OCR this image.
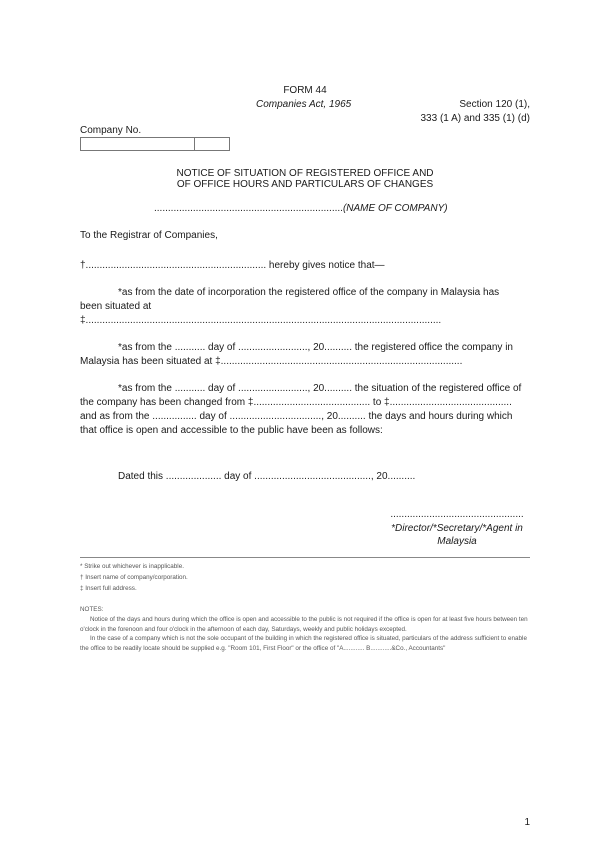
FORM 44
Companies Act, 1965	Section 120 (1),
333 (1 A) and 335 (1) (d)
Company No.
NOTICE OF SITUATION OF REGISTERED OFFICE AND
OF OFFICE HOURS AND PARTICULARS OF CHANGES
....................................................................(NAME OF COMPANY)
To the Registrar of Companies,
†................................................................. hereby gives notice that—
*as from the date of incorporation the registered office of the company in Malaysia has
been situated at
‡................................................................................................................................
*as from the ........... day of ........................., 20.......... the registered office the company in
Malaysia has been situated at ‡.......................................................................................
*as from the ........... day of ........................., 20.......... the situation of the registered office of
the company has been changed from ‡.......................................... to ‡............................................
and as from the ................ day of ................................., 20.......... the days and hours during which
that office is open and accessible to the public have been as follows:
Dated this .................... day of .........................................., 20..........
................................................
*Director/*Secretary/*Agent in
Malaysia
* Strike out whichever is inapplicable.
† Insert name of company/corporation.
‡ Insert full address.
NOTES:
Notice of the days and hours during which the office is open and accessible to the public is not required if the office is open for at least five hours between ten o'clock in the forenoon and four o'clock in the afternoon of each day, Saturdays, weekly and public holidays excepted.
In the case of a company which is not the sole occupant of the building in which the registered office is situated, particulars of the address sufficient to enable the office to be readily locate should be supplied e.g. "Room 101, First Floor" or the office of "A............ B............&Co., Accountants"
1
